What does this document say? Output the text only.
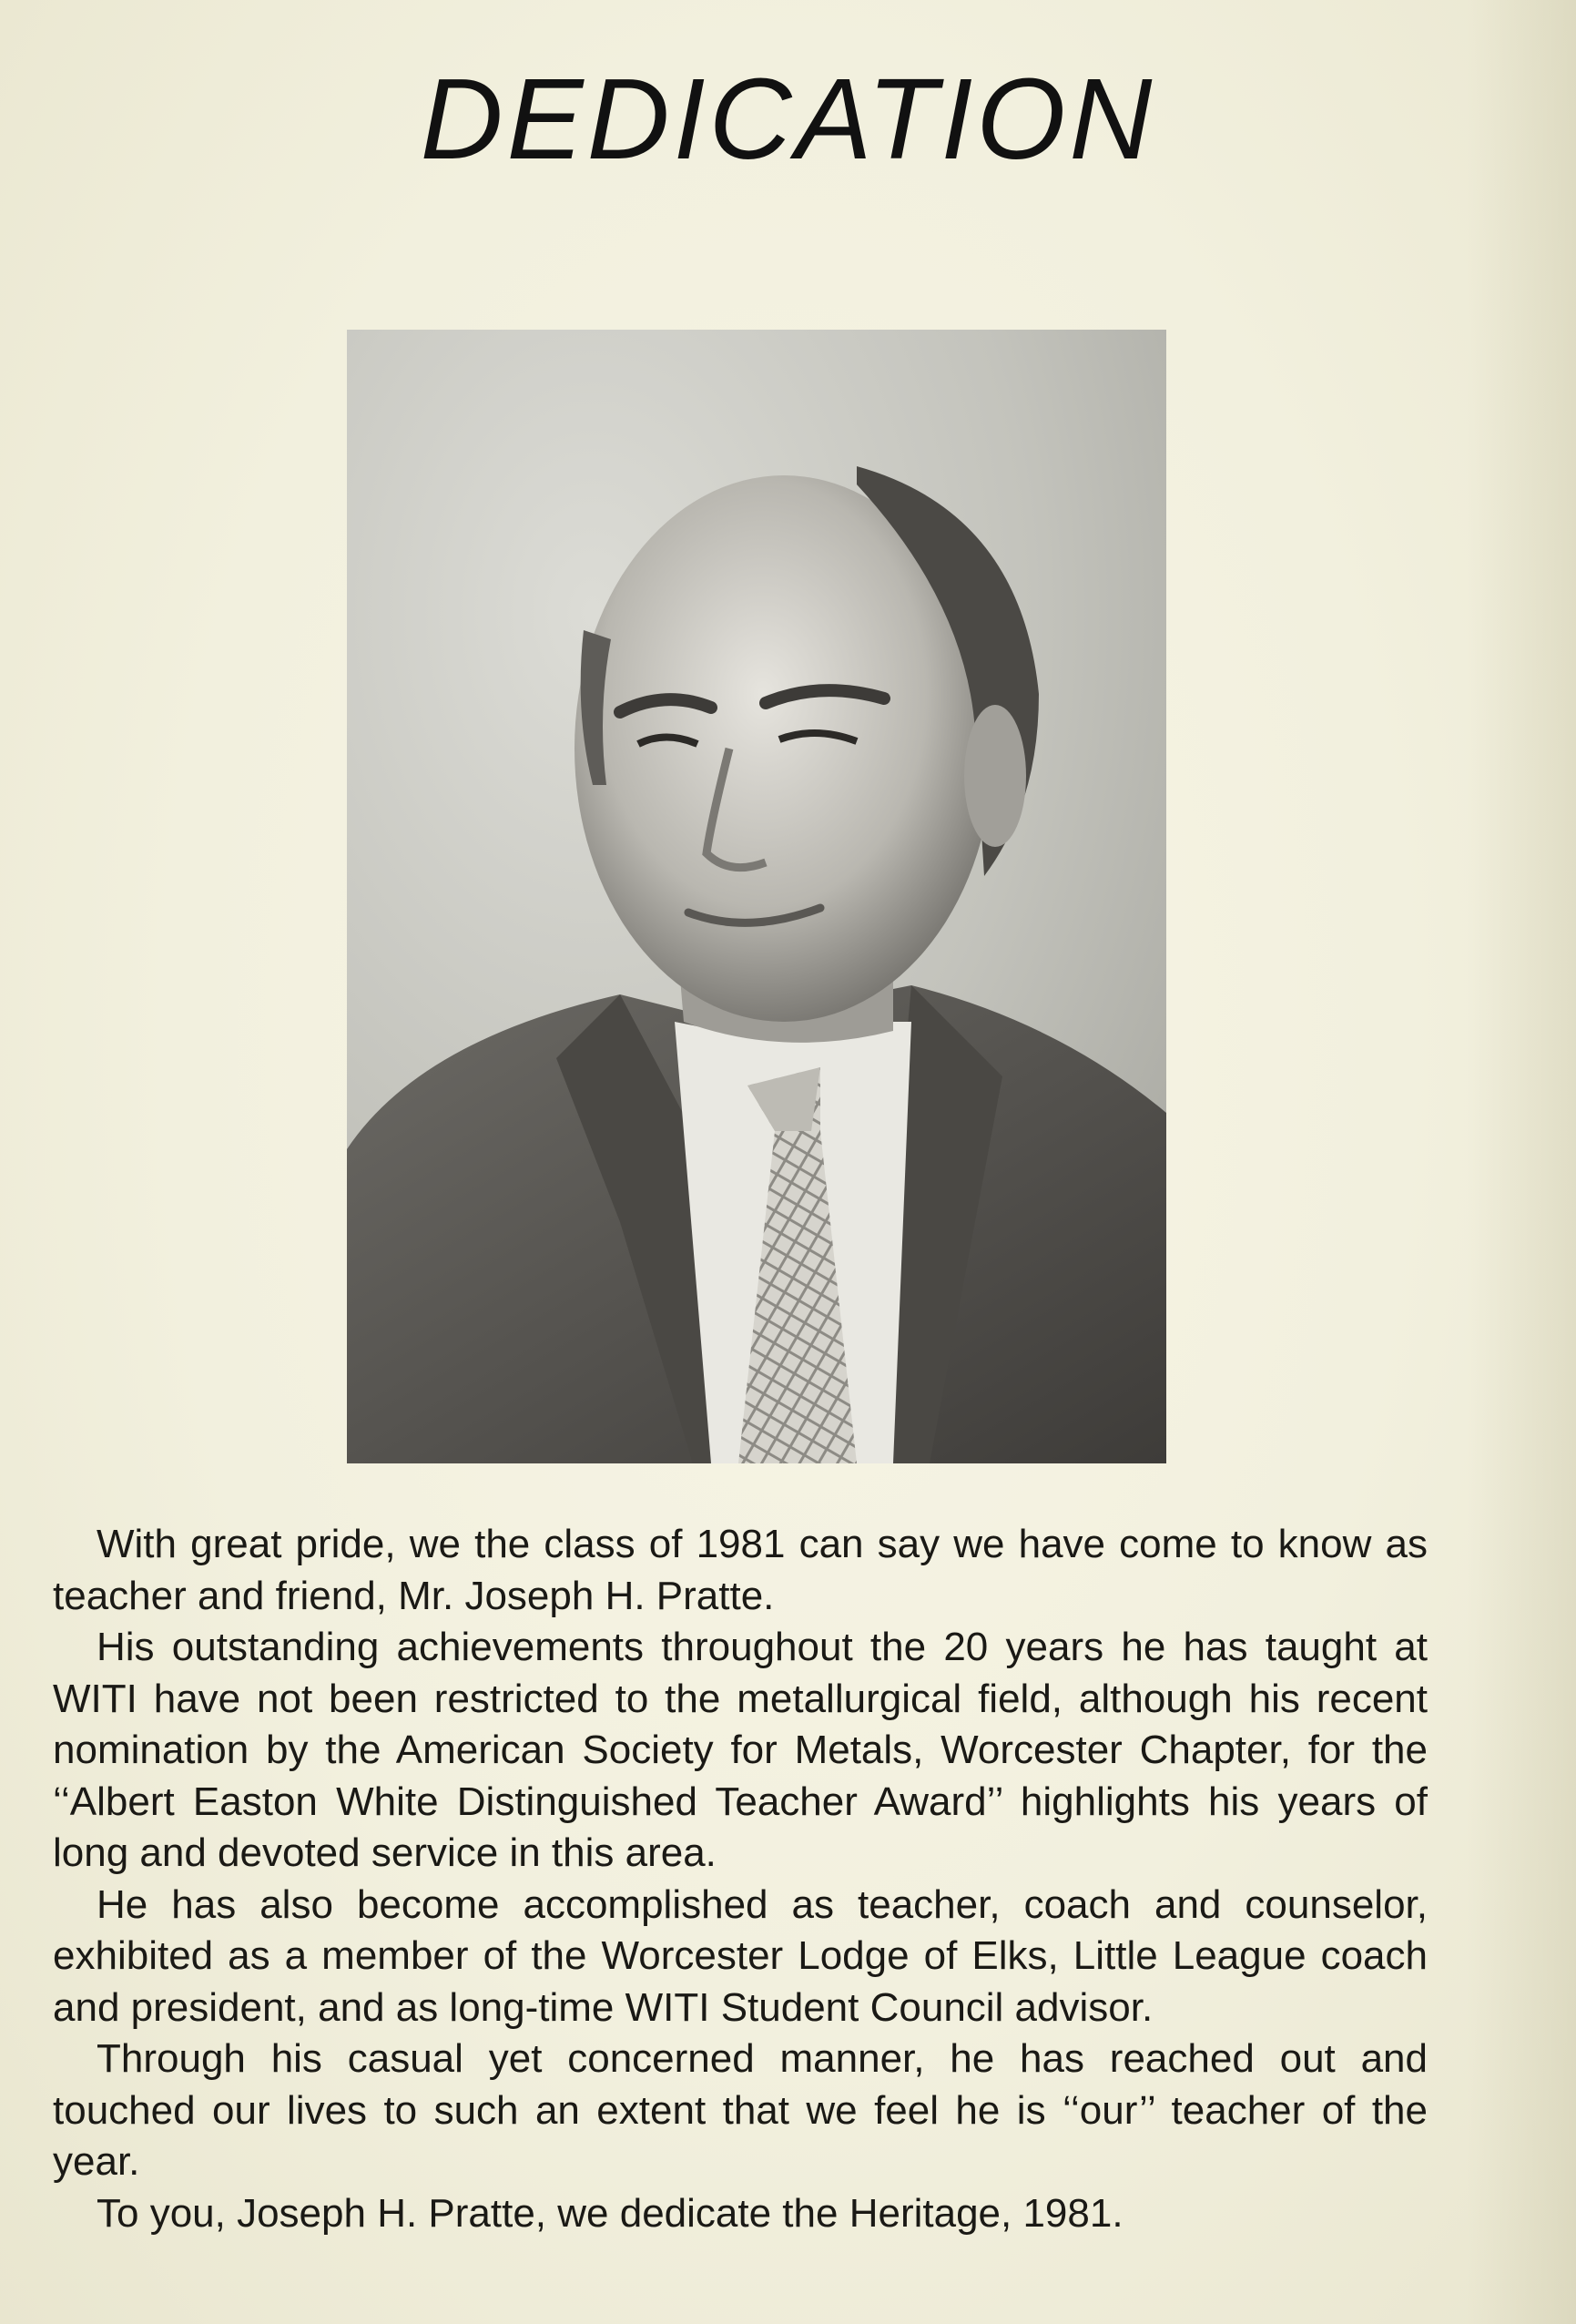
DEDICATION

With great pride, we the class of 1981 can say we have come to know as teacher and friend, Mr. Joseph H. Pratte.

His outstanding achievements throughout the 20 years he has taught at WITI have not been restricted to the metallurgical field, although his recent nomination by the American Society for Metals, Worcester Chapter, for the ‘‘Albert Easton White Distinguished Teacher Award’’ highlights his years of long and devoted service in this area.

He has also become accomplished as teacher, coach and counselor, exhibited as a member of the Worcester Lodge of Elks, Little League coach and president, and as long-time WITI Student Council advisor.

Through his casual yet concerned manner, he has reached out and touched our lives to such an extent that we feel he is ‘‘our’’ teacher of the year.

To you, Joseph H. Pratte, we dedicate the Heritage, 1981.
